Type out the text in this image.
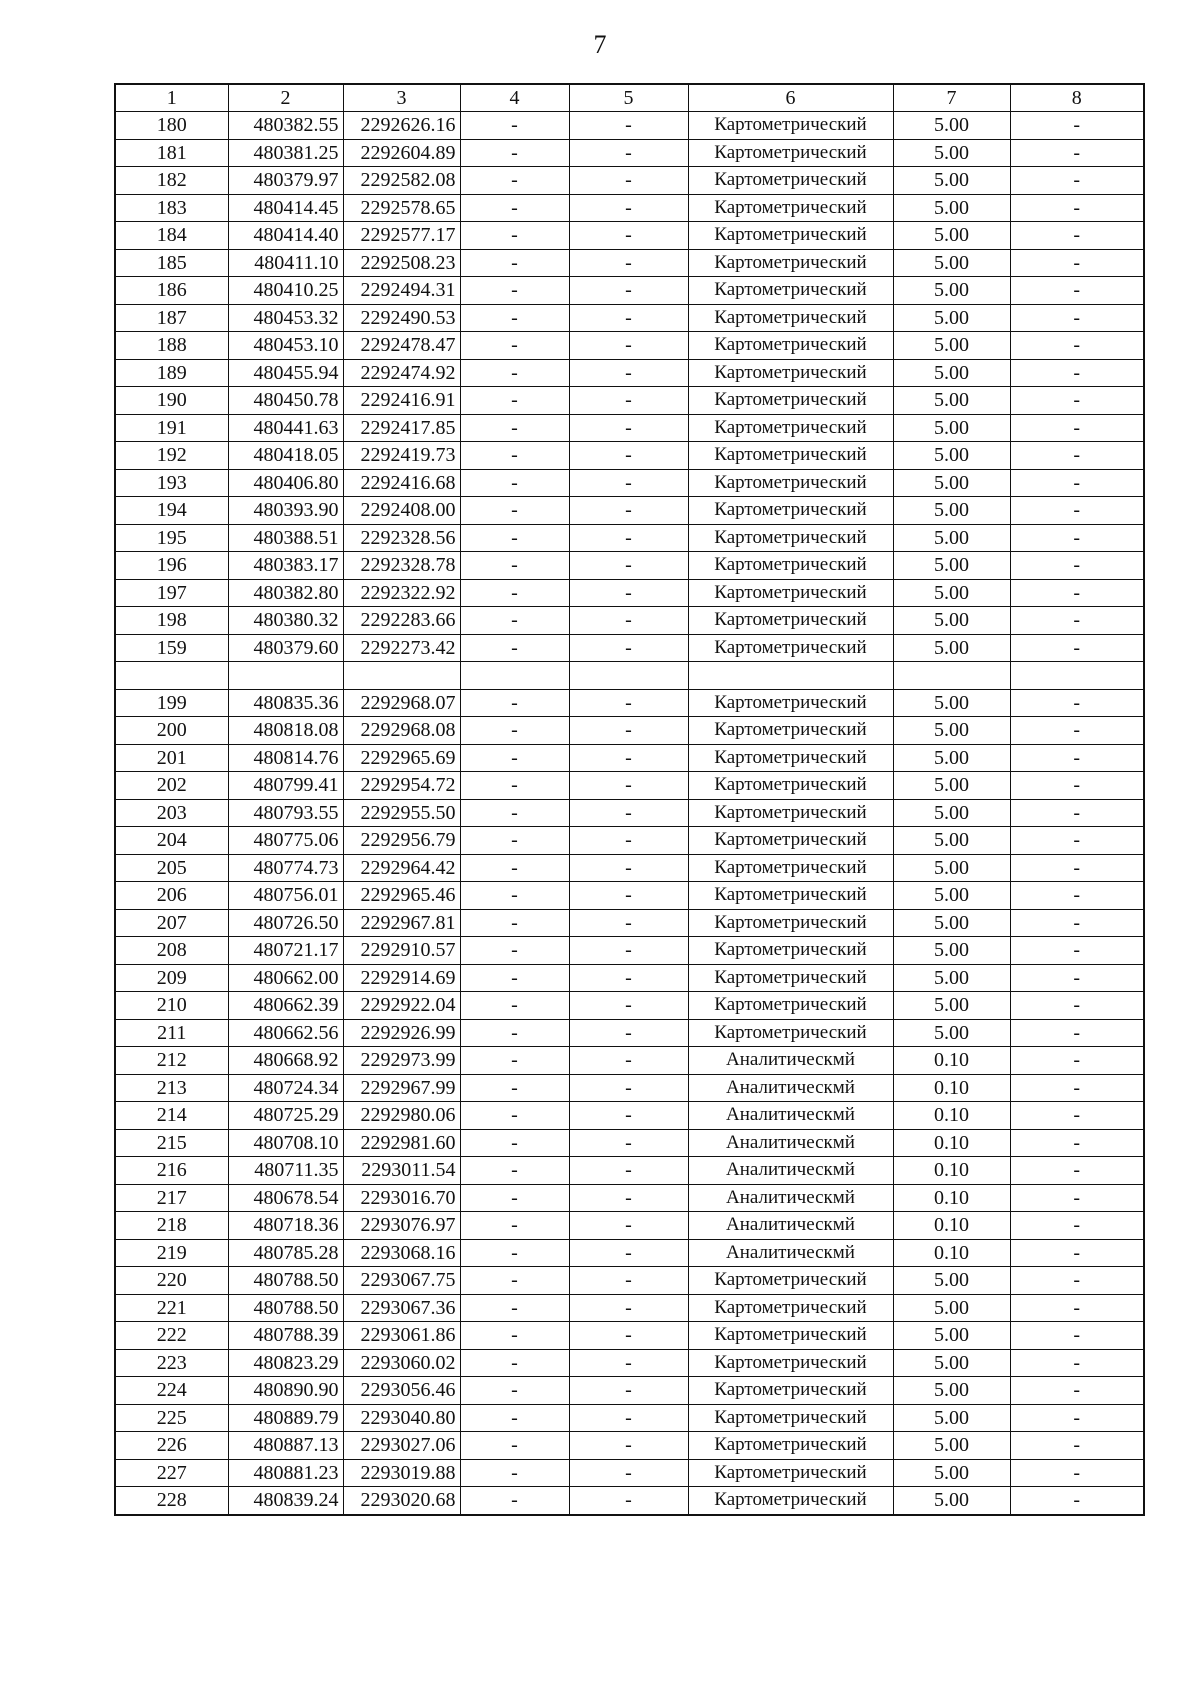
7
1	2	3	4	5	6	7	8
180	480382.55	2292626.16	-	-	Картометрический	5.00	-
181	480381.25	2292604.89	-	-	Картометрический	5.00	-
182	480379.97	2292582.08	-	-	Картометрический	5.00	-
183	480414.45	2292578.65	-	-	Картометрический	5.00	-
184	480414.40	2292577.17	-	-	Картометрический	5.00	-
185	480411.10	2292508.23	-	-	Картометрический	5.00	-
186	480410.25	2292494.31	-	-	Картометрический	5.00	-
187	480453.32	2292490.53	-	-	Картометрический	5.00	-
188	480453.10	2292478.47	-	-	Картометрический	5.00	-
189	480455.94	2292474.92	-	-	Картометрический	5.00	-
190	480450.78	2292416.91	-	-	Картометрический	5.00	-
191	480441.63	2292417.85	-	-	Картометрический	5.00	-
192	480418.05	2292419.73	-	-	Картометрический	5.00	-
193	480406.80	2292416.68	-	-	Картометрический	5.00	-
194	480393.90	2292408.00	-	-	Картометрический	5.00	-
195	480388.51	2292328.56	-	-	Картометрический	5.00	-
196	480383.17	2292328.78	-	-	Картометрический	5.00	-
197	480382.80	2292322.92	-	-	Картометрический	5.00	-
198	480380.32	2292283.66	-	-	Картометрический	5.00	-
159	480379.60	2292273.42	-	-	Картометрический	5.00	-

199	480835.36	2292968.07	-	-	Картометрический	5.00	-
200	480818.08	2292968.08	-	-	Картометрический	5.00	-
201	480814.76	2292965.69	-	-	Картометрический	5.00	-
202	480799.41	2292954.72	-	-	Картометрический	5.00	-
203	480793.55	2292955.50	-	-	Картометрический	5.00	-
204	480775.06	2292956.79	-	-	Картометрический	5.00	-
205	480774.73	2292964.42	-	-	Картометрический	5.00	-
206	480756.01	2292965.46	-	-	Картометрический	5.00	-
207	480726.50	2292967.81	-	-	Картометрический	5.00	-
208	480721.17	2292910.57	-	-	Картометрический	5.00	-
209	480662.00	2292914.69	-	-	Картометрический	5.00	-
210	480662.39	2292922.04	-	-	Картометрический	5.00	-
211	480662.56	2292926.99	-	-	Картометрический	5.00	-
212	480668.92	2292973.99	-	-	Аналитическмй	0.10	-
213	480724.34	2292967.99	-	-	Аналитическмй	0.10	-
214	480725.29	2292980.06	-	-	Аналитическмй	0.10	-
215	480708.10	2292981.60	-	-	Аналитическмй	0.10	-
216	480711.35	2293011.54	-	-	Аналитическмй	0.10	-
217	480678.54	2293016.70	-	-	Аналитическмй	0.10	-
218	480718.36	2293076.97	-	-	Аналитическмй	0.10	-
219	480785.28	2293068.16	-	-	Аналитическмй	0.10	-
220	480788.50	2293067.75	-	-	Картометрический	5.00	-
221	480788.50	2293067.36	-	-	Картометрический	5.00	-
222	480788.39	2293061.86	-	-	Картометрический	5.00	-
223	480823.29	2293060.02	-	-	Картометрический	5.00	-
224	480890.90	2293056.46	-	-	Картометрический	5.00	-
225	480889.79	2293040.80	-	-	Картометрический	5.00	-
226	480887.13	2293027.06	-	-	Картометрический	5.00	-
227	480881.23	2293019.88	-	-	Картометрический	5.00	-
228	480839.24	2293020.68	-	-	Картометрический	5.00	-
